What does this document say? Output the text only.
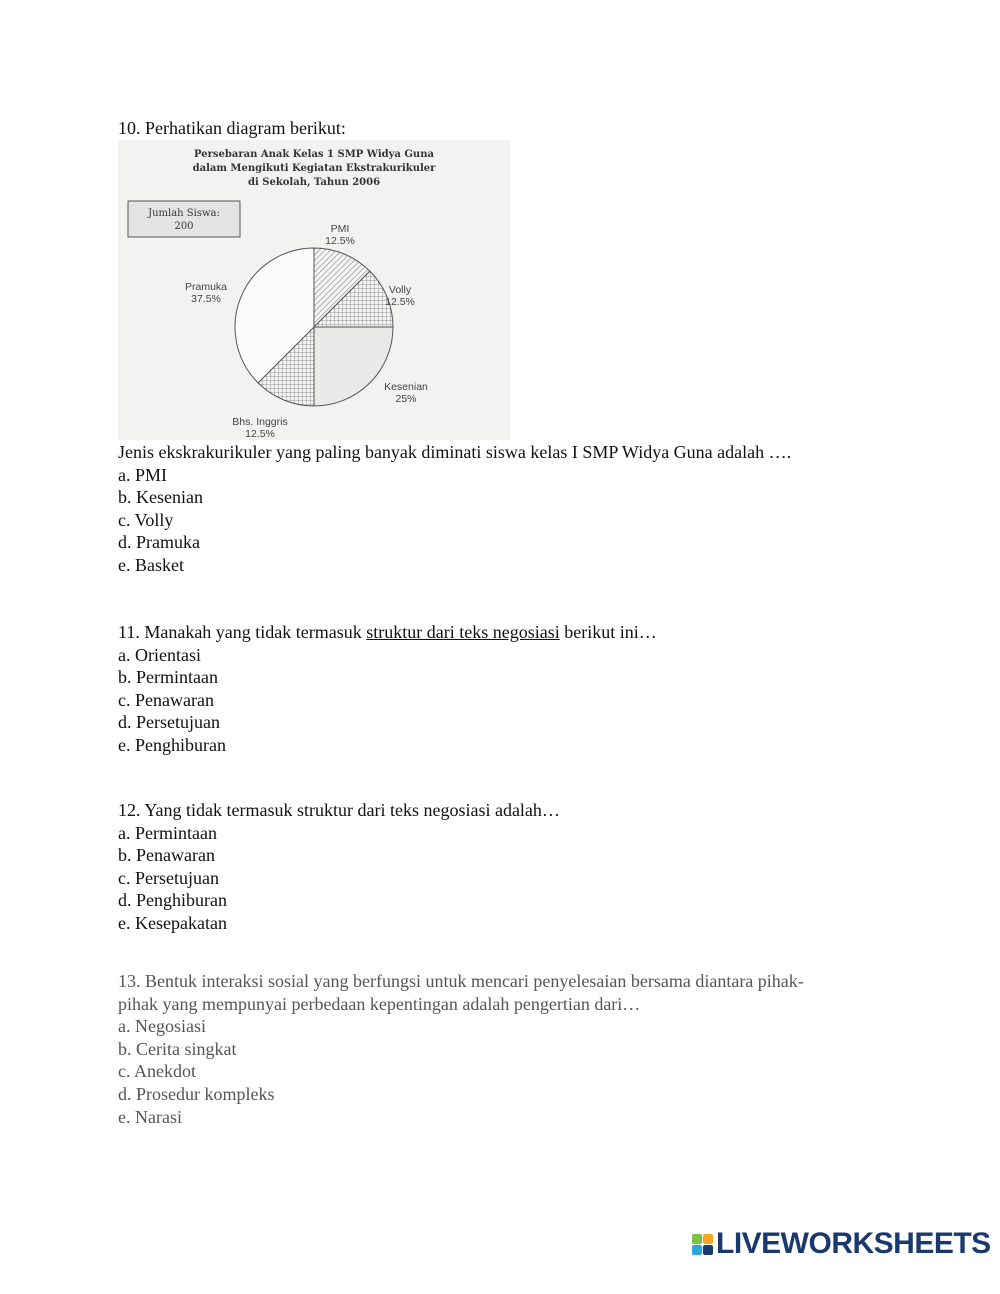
10. Perhatikan diagram berikut:
Persebaran Anak Kelas 1 SMP Widya Guna
dalam Mengikuti Kegiatan Ekstrakurikuler
di Sekolah, Tahun 2006
Jumlah Siswa:
200	PMI
12.5%
Volly
12.5%
Kesenian
25%
Bhs. Inggris
12.5%
Pramuka
37.5%
Jenis ekskrakurikuler yang paling banyak diminati siswa kelas I SMP Widya Guna adalah ….
a. PMI
b. Kesenian
c. Volly
d. Pramuka
e. Basket
11. Manakah yang tidak termasuk struktur dari teks negosiasi berikut ini…
a. Orientasi
b. Permintaan
c. Penawaran
d. Persetujuan
e. Penghiburan
12. Yang tidak termasuk struktur dari teks negosiasi adalah…
a. Permintaan
b. Penawaran
c. Persetujuan
d. Penghiburan
e. Kesepakatan
13. Bentuk interaksi sosial yang berfungsi untuk mencari penyelesaian bersama diantara pihak-
pihak yang mempunyai perbedaan kepentingan adalah pengertian dari…
a. Negosiasi
b. Cerita singkat
c. Anekdot
d. Prosedur kompleks
e. Narasi
LIVEWORKSHEETS
